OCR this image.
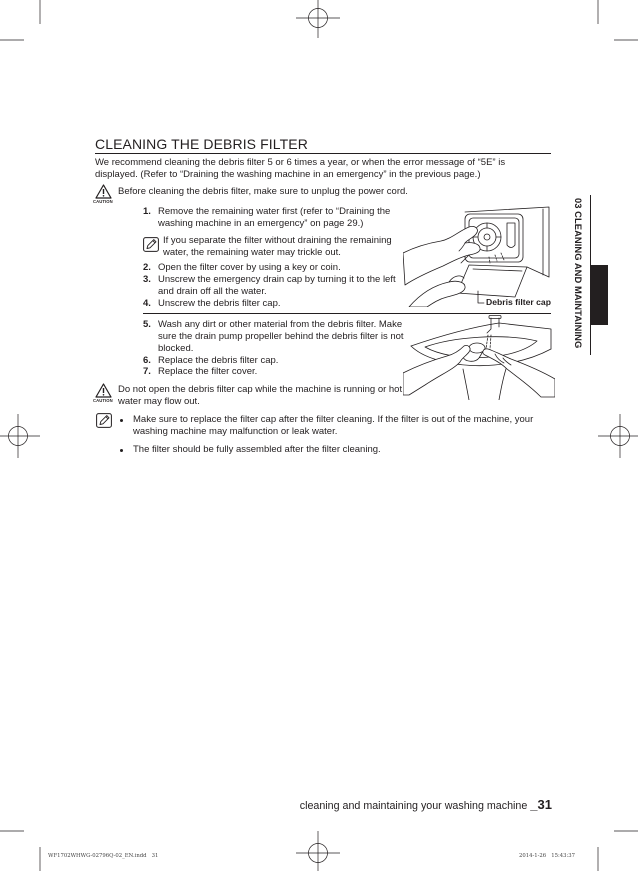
CLEANING THE DEBRIS FILTER
We recommend cleaning the debris filter 5 or 6 times a year, or when the error message of “5E” is displayed. (Refer to “Draining the washing machine in an emergency” in the previous page.)
CAUTION
Before cleaning the debris filter, make sure to unplug the power cord.
1. Remove the remaining water first (refer to “Draining the washing machine in an emergency” on page 29.)
If you separate the filter without draining the remaining water, the remaining water may trickle out.
2. Open the filter cover by using a key or coin.
3. Unscrew the emergency drain cap by turning it to the left and drain off all the water.
4. Unscrew the debris filter cap.	Debris filter cap
5. Wash any dirt or other material from the debris filter. Make sure the drain pump propeller behind the debris filter is not blocked.
6. Replace the debris filter cap.
7. Replace the filter cover.
CAUTION
Do not open the debris filter cap while the machine is running or hot water may flow out.
Make sure to replace the filter cap after the filter cleaning. If the filter is out of the machine, your washing machine may malfunction or leak water.
The filter should be fully assembled after the filter cleaning.
03 CLEANING AND MAINTAINING
cleaning and maintaining your washing machine _31
WF1702WHWG-02796Q-02_EN.indd   31	2014-1-26   15:43:37
